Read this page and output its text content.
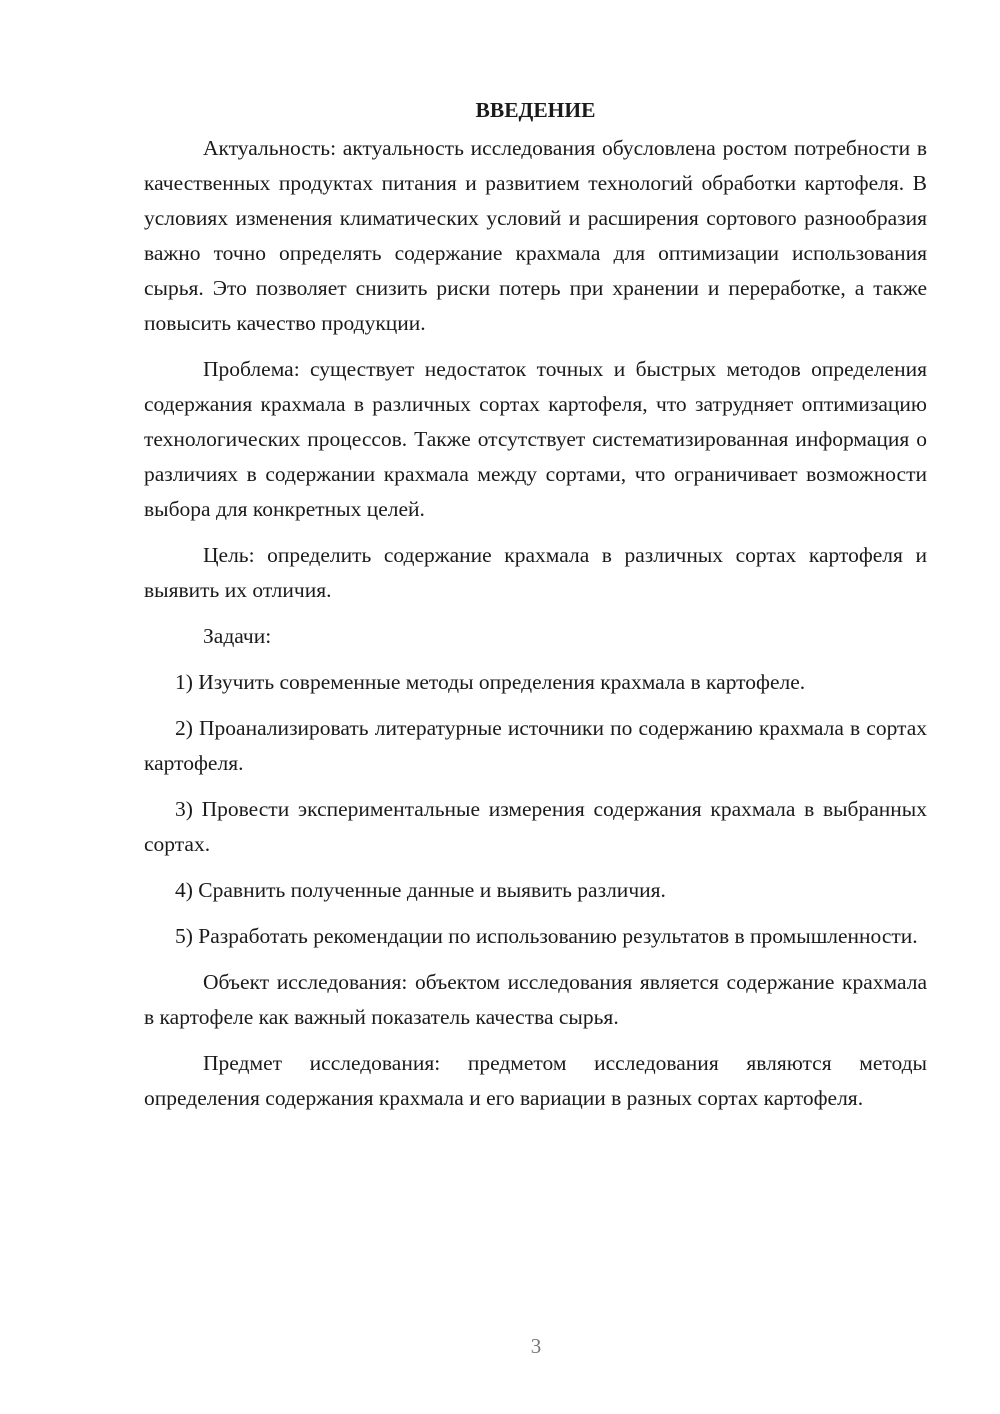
ВВЕДЕНИЕ

Актуальность: актуальность исследования обусловлена ростом потребности в качественных продуктах питания и развитием технологий обработки картофеля. В условиях изменения климатических условий и расширения сортового разнообразия важно точно определять содержание крахмала для оптимизации использования сырья. Это позволяет снизить риски потерь при хранении и переработке, а также повысить качество продукции.

Проблема: существует недостаток точных и быстрых методов определения содержания крахмала в различных сортах картофеля, что затрудняет оптимизацию технологических процессов. Также отсутствует систематизированная информация о различиях в содержании крахмала между сортами, что ограничивает возможности выбора для конкретных целей.

Цель: определить содержание крахмала в различных сортах картофеля и выявить их отличия.

Задачи:

1) Изучить современные методы определения крахмала в картофеле.

2) Проанализировать литературные источники по содержанию крахмала в сортах картофеля.

3) Провести экспериментальные измерения содержания крахмала в выбранных сортах.

4) Сравнить полученные данные и выявить различия.

5) Разработать рекомендации по использованию результатов в промышленности.

Объект исследования: объектом исследования является содержание крахмала в картофеле как важный показатель качества сырья.

Предмет исследования: предметом исследования являются методы определения содержания крахмала и его вариации в разных сортах картофеля.

3
